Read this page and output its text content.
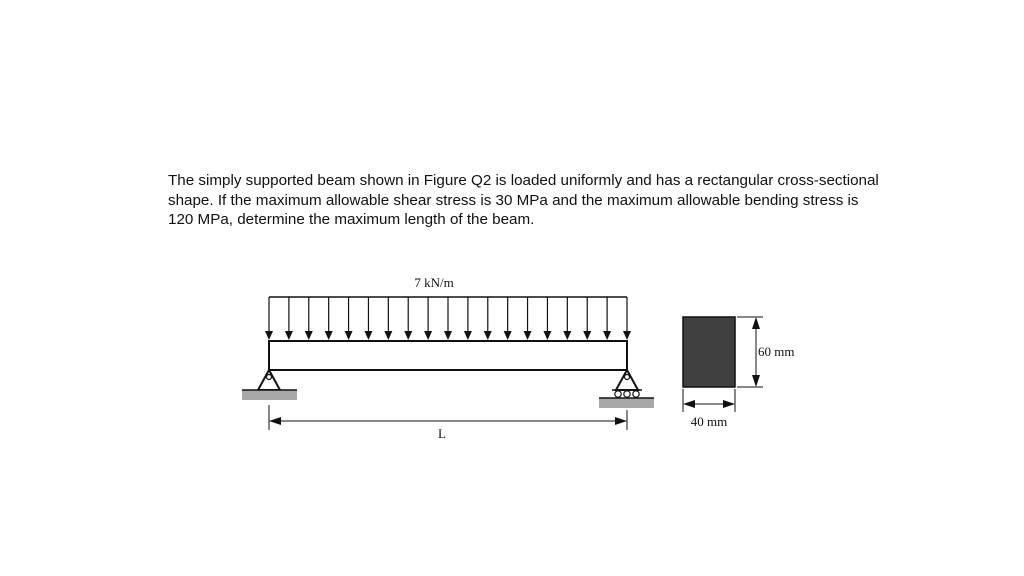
The simply supported beam shown in Figure Q2 is loaded uniformly and has a rectangular cross-sectional shape. If the maximum allowable shear stress is 30 MPa and the maximum allowable bending stress is 120 MPa, determine the maximum length of the beam.

7 kN/m
L
60 mm
40 mm
